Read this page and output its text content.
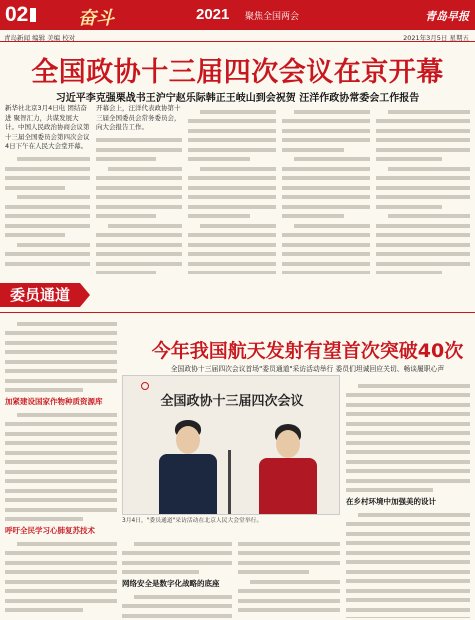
02	奋斗	2021 聚焦全国两会	青岛早报
青岛新闻 编辑 美编 校对	2021年3月5日 星期五
全国政协十三届四次会议在京开幕
习近平李克强栗战书王沪宁赵乐际韩正王岐山到会祝贺 汪洋作政协常委会工作报告
新华社北京3月4日电 团结奋进 聚智汇力，共谋发展大计。中国人民政治协商会议第十三届全国委员会第四次会议4日下午在人民大会堂开幕。
开幕会上，汪洋代表政协第十三届全国委员会常务委员会，向大会报告工作。
委员通道
今年我国航天发射有望首次突破40次
全国政协十三届四次会议首场"委员通道"采访活动举行 委员们坦诚回应关切、畅谈履职心声
加紧建设国家作物种质资源库
呼吁全民学习心肺复苏技术
全国政协十三届四次会议
3月4日，"委员通道"采访活动在北京人民大会堂举行。
网络安全是数字化战略的底座
在乡村环境中加强美的设计
